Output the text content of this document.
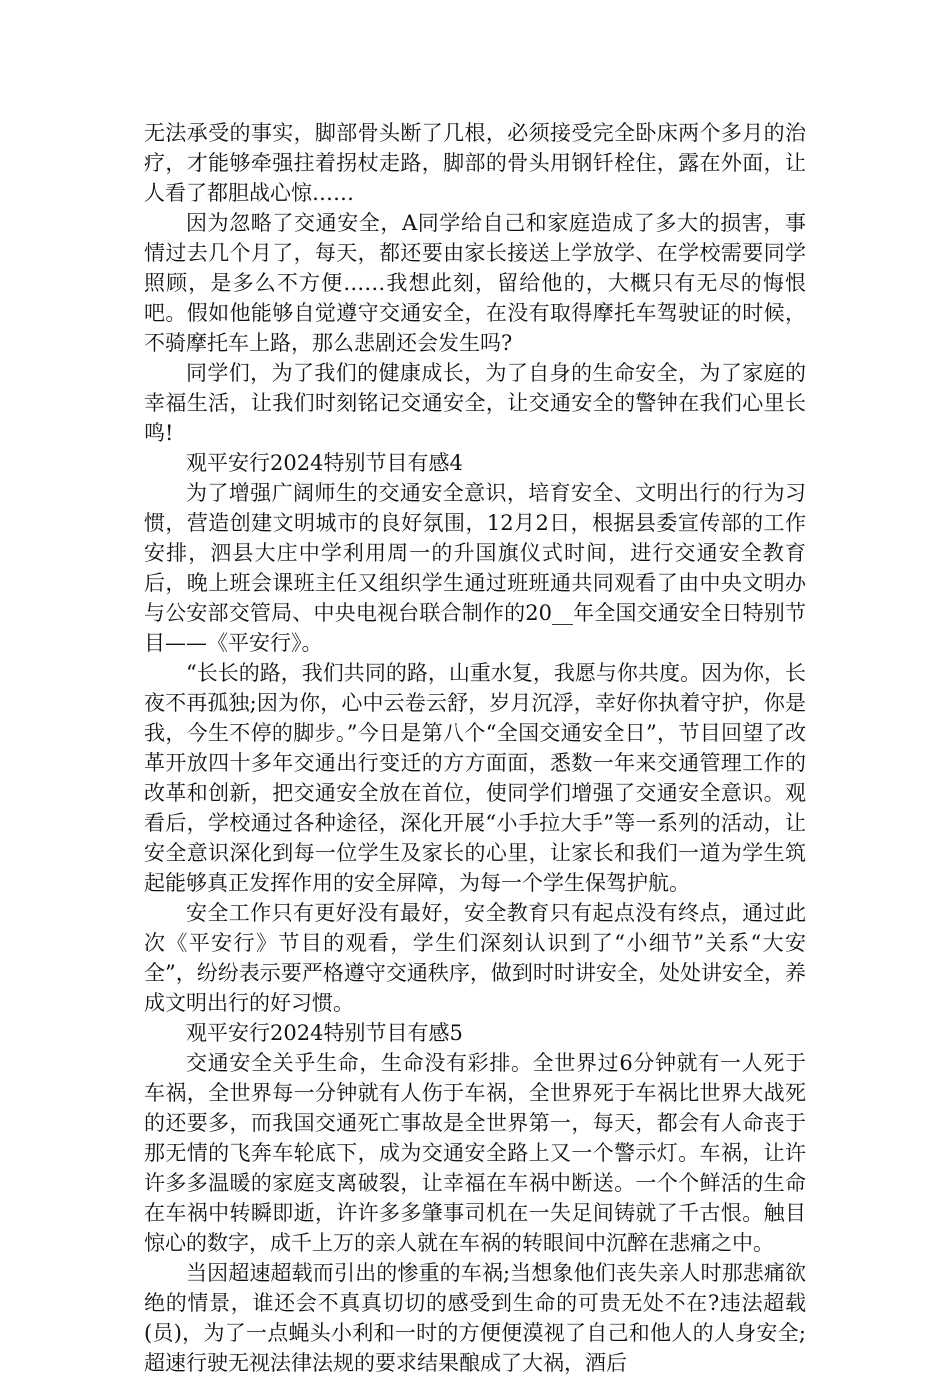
无法承受的事实，脚部骨头断了几根，必须接受完全卧床两个多月的治疗，才能够牵强拄着拐杖走路，脚部的骨头用钢钎栓住，露在外面，让人看了都胆战心惊……

因为忽略了交通安全，A同学给自己和家庭造成了多大的损害，事情过去几个月了，每天，都还要由家长接送上学放学、在学校需要同学照顾，是多么不方便……我想此刻，留给他的，大概只有无尽的悔恨吧。假如他能够自觉遵守交通安全，在没有取得摩托车驾驶证的时候，不骑摩托车上路，那么悲剧还会发生吗?

同学们，为了我们的健康成长，为了自身的生命安全，为了家庭的幸福生活，让我们时刻铭记交通安全，让交通安全的警钟在我们心里长鸣!

观平安行2024特别节目有感4

为了增强广阔师生的交通安全意识，培育安全、文明出行的行为习惯，营造创建文明城市的良好氛围，12月2日，根据县委宣传部的工作安排，泗县大庄中学利用周一的升国旗仪式时间，进行交通安全教育后，晚上班会课班主任又组织学生通过班班通共同观看了由中央文明办与公安部交管局、中央电视台联合制作的20__年全国交通安全日特别节目——《平安行》。

“长长的路，我们共同的路，山重水复，我愿与你共度。因为你，长夜不再孤独;因为你，心中云卷云舒，岁月沉浮，幸好你执着守护，你是我，今生不停的脚步。”今日是第八个“全国交通安全日”，节目回望了改革开放四十多年交通出行变迁的方方面面，悉数一年来交通管理工作的改革和创新，把交通安全放在首位，使同学们增强了交通安全意识。观看后，学校通过各种途径，深化开展“小手拉大手”等一系列的活动，让安全意识深化到每一位学生及家长的心里，让家长和我们一道为学生筑起能够真正发挥作用的安全屏障，为每一个学生保驾护航。

安全工作只有更好没有最好，安全教育只有起点没有终点，通过此次《平安行》节目的观看，学生们深刻认识到了“小细节”关系“大安全”，纷纷表示要严格遵守交通秩序，做到时时讲安全，处处讲安全，养成文明出行的好习惯。

观平安行2024特别节目有感5

交通安全关乎生命，生命没有彩排。全世界过6分钟就有一人死于车祸，全世界每一分钟就有人伤于车祸，全世界死于车祸比世界大战死的还要多，而我国交通死亡事故是全世界第一，每天，都会有人命丧于那无情的飞奔车轮底下，成为交通安全路上又一个警示灯。车祸，让许许多多温暖的家庭支离破裂，让幸福在车祸中断送。一个个鲜活的生命在车祸中转瞬即逝，许许多多肇事司机在一失足间铸就了千古恨。触目惊心的数字，成千上万的亲人就在车祸的转眼间中沉醉在悲痛之中。

当因超速超载而引出的惨重的车祸;当想象他们丧失亲人时那悲痛欲绝的情景，谁还会不真真切切的感受到生命的可贵无处不在?违法超载(员)，为了一点蝇头小利和一时的方便便漠视了自己和他人的人身安全;超速行驶无视法律法规的要求结果酿成了大祸，酒后
